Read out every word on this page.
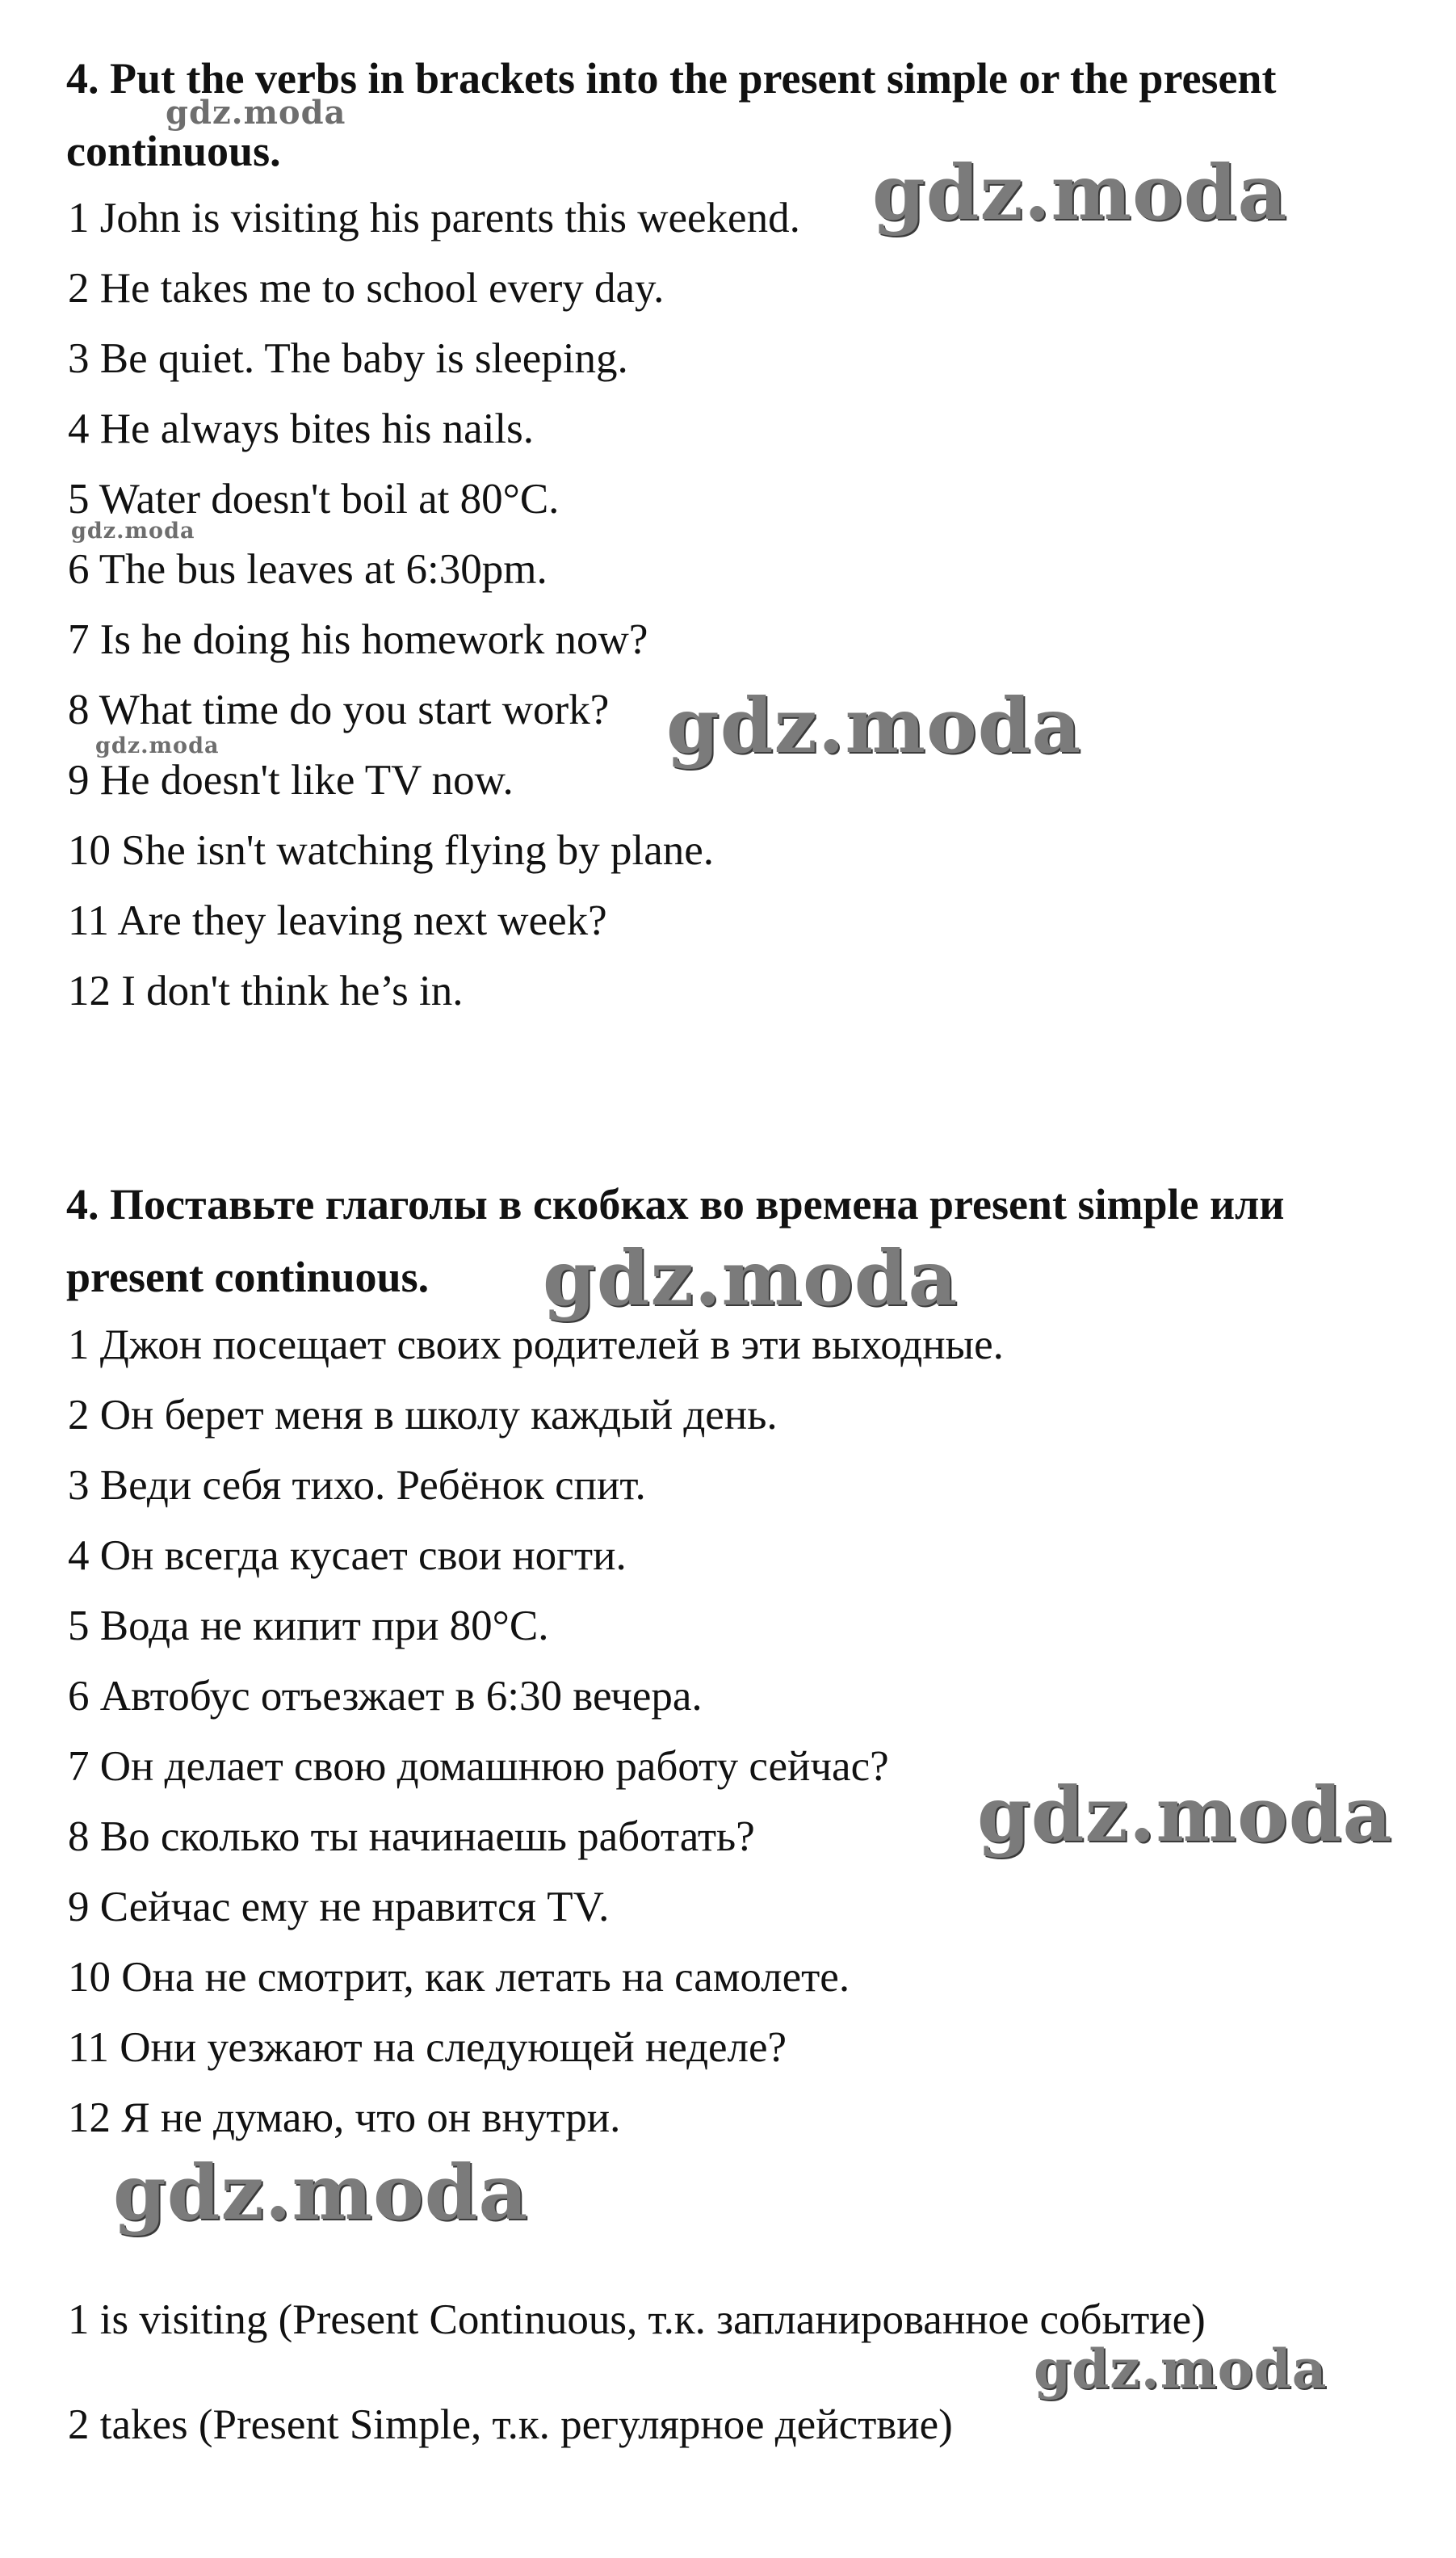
4. Put the verbs in brackets into the present simple or the present

continuous.

1 John is visiting his parents this weekend.

2 He takes me to school every day.

3 Be quiet. The baby is sleeping.

4 He always bites his nails.

5 Water doesn't boil at 80°C.

6 The bus leaves at 6:30pm.

7 Is he doing his homework now?

8 What time do you start work?

9 He doesn't like TV now.

10 She isn't watching flying by plane.

11 Are they leaving next week?

12 I don't think he’s in.

4. Поставьте глаголы в скобках во времена present simple или

present continuous.

1 Джон посещает своих родителей в эти выходные.

2 Он берет меня в школу каждый день.

3 Веди себя тихо. Ребёнок спит.

4 Он всегда кусает свои ногти.

5 Вода не кипит при 80°C.

6 Автобус отъезжает в 6:30 вечера.

7 Он делает свою домашнюю работу сейчас?

8 Во сколько ты начинаешь работать?

9 Сейчас ему не нравится TV.

10 Она не смотрит, как летать на самолете.

11 Они уезжают на следующей неделе?

12 Я не думаю, что он внутри.

1 is visiting (Present Continuous, т.к. запланированное событие)

2 takes (Present Simple, т.к. регулярное действие)

gdz.moda
gdz.moda
gdz.moda
gdz.moda	gdz.moda
gdz.moda
gdz.moda
gdz.moda
gdz.moda
